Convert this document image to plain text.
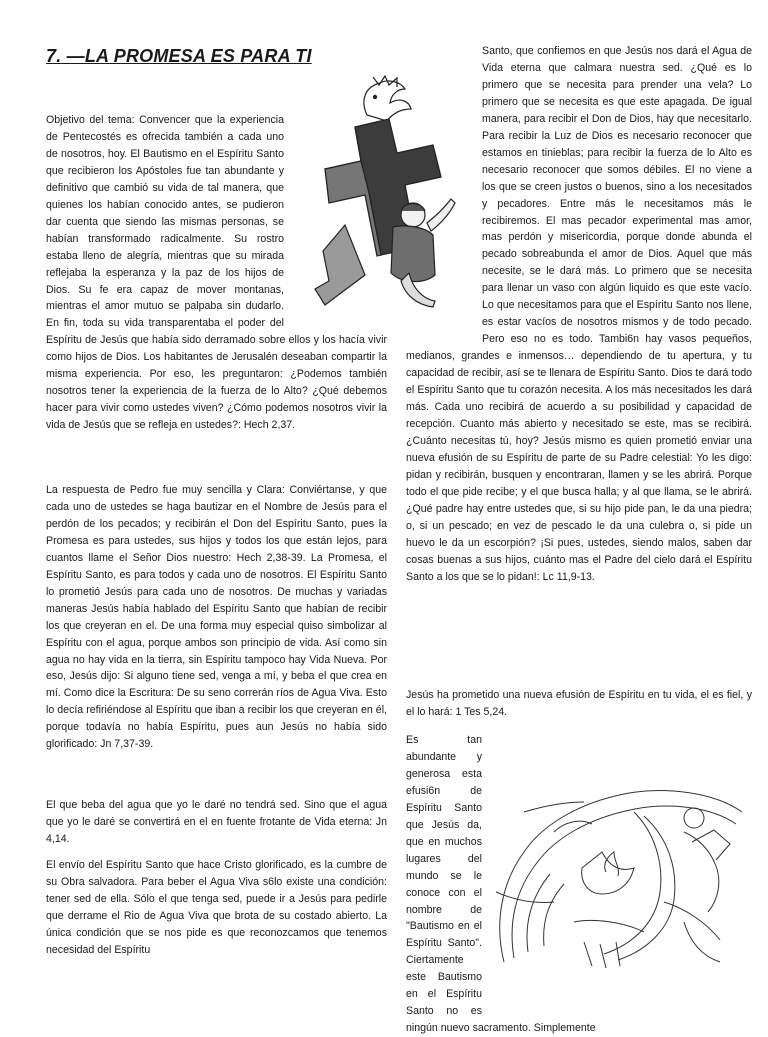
7. —LA PROMESA ES PARA TI
Objetivo del tema: Convencer que la experiencia de Pentecostés es ofrecida también a cada uno de nosotros, hoy. El Bautismo en el Espíritu Santo que recibieron los Apóstoles fue tan abundante y definitivo que cambió su vida de tal manera, que quienes los habían conocido antes, se pudieron dar cuenta que siendo las mismas personas, se habían transformado radicalmente. Su rostro estaba lleno de alegría, mientras que su mirada reflejaba la esperanza y la paz de los hijos de Dios. Su fe era capaz de mover montanas, mientras el amor mutuo se palpaba sin dudarlo. En fin, toda su vida transparentaba el poder del Espíritu de Jesús que había sido derramado sobre ellos y los hacía vivir como hijos de Dios. Los habitantes de Jerusalén deseaban compartir la misma experiencia. Por eso, les preguntaron: ¿Podemos también nosotros tener la experiencia de la fuerza de lo Alto? ¿Qué debemos hacer para vivir como ustedes viven? ¿Cómo podemos nosotros vivir la vida de Jesús que se refleja en ustedes?: Hech 2,37.
La respuesta de Pedro fue muy sencilla y Clara: Conviértanse, y que cada uno de ustedes se haga bautizar en el Nombre de Jesús para el perdón de los pecados; y recibirán el Don del Espíritu Santo, pues la Promesa es para ustedes, sus hijos y todos los que están lejos, para cuantos llame el Señor Dios nuestro: Hech 2,38-39. La Promesa, el Espíritu Santo, es para todos y cada uno de nosotros. El Espíritu Santo lo prometió Jesús para cada uno de nosotros. De muchas y variadas maneras Jesús había hablado del Espíritu Santo que habían de recibir los que creyeran en el. De una forma muy especial quiso simbolizar al Espíritu con el agua, porque ambos son principio de vida. Así como sin agua no hay vida en la tierra, sin Espíritu tampoco hay Vida Nueva. Por eso, Jesús dijo: Si alguno tiene sed, venga a mí, y beba el que crea en mí. Como dice la Escritura: De su seno correrán ríos de Agua Viva. Esto lo decía refiriéndose al Espíritu que iban a recibir los que creyeran en él, porque todavía no había Espíritu, pues aun Jesús no había sido glorificado: Jn 7,37-39.
El que beba del agua que yo le daré no tendrá sed. Sino que el agua que yo le daré se convertirá en el en fuente frotante de Vida eterna: Jn 4,14.
El envío del Espíritu Santo que hace Cristo glorificado, es la cumbre de su Obra salvadora. Para beber el Agua Viva s6lo existe una condición: tener sed de ella. Sólo el que tenga sed, puede ir a Jesús para pedirle que derrame el Rio de Agua Viva que brota de su costado abierto. La única condición que se nos pide es que reconozcamos que tenemos necesidad del Espíritu
Santo, que confiemos en que Jesús nos dará el Agua de Vida eterna que calmara nuestra sed. ¿Qué es lo primero que se necesita para prender una vela? Lo primero que se necesita es que este apagada. De igual manera, para recibir el Don de Dios, hay que necesitarlo. Para recibir la Luz de Dios es necesario reconocer que estamos en tinieblas; para recibir la fuerza de lo Alto es necesario reconocer que somos débiles. El no viene a los que se creen justos o buenos, sino a los necesitados y pecadores. Entre más le necesitamos más le recibiremos. El mas pecador experimental mas amor, mas perdón y misericordia, porque donde abunda el pecado sobreabunda el amor de Dios. Aquel que más necesite, se le dará más. Lo primero que se necesita para llenar un vaso con algún liquido es que este vacío. Lo que necesitamos para que el Espíritu Santo nos llene, es estar vacíos de nosotros mismos y de todo pecado. Pero eso no es todo. Tambi6n hay vasos pequeños, medianos, grandes e inmensos… dependiendo de tu apertura, y tu capacidad de recibir, así se te llenara de Espíritu Santo. Dios te dará todo el Espíritu Santo que tu corazón necesita. A los más necesitados les dará más. Cada uno recibirá de acuerdo a su posibilidad y capacidad de recepción. Cuanto más abierto y necesitado se este, mas se recibirá. ¿Cuánto necesitas tú, hoy? Jesús mismo es quien prometió enviar una nueva efusión de su Espíritu de parte de su Padre celestial: Yo les digo: pidan y recibirán, busquen y encontraran, llamen y se les abrirá. Porque todo el que pide recibe; y el que busca halla; y al que llama, se le abrirá. ¿Qué padre hay entre ustedes que, si su hijo pide pan, le da una piedra; o, si un pescado; en vez de pescado le da una culebra o, si pide un huevo le da un escorpión? ¡Si pues, ustedes, siendo malos, saben dar cosas buenas a sus hijos, cuánto mas el Padre del cielo dará el Espíritu Santo a los que se lo pidan!: Lc 11,9-13.
Jesús ha prometido una nueva efusión de Espíritu en tu vida, el es fiel, y el lo hará: 1 Tes 5,24.
Es tan abundante y generosa esta efusi6n de Espíritu Santo que Jesús da, que en muchos lugares del mundo se le conoce con el nombre de "Bautismo en el Espíritu Santo". Ciertamente este Bautismo en el Espíritu Santo no es ningún nuevo sacramento. Simplemente
